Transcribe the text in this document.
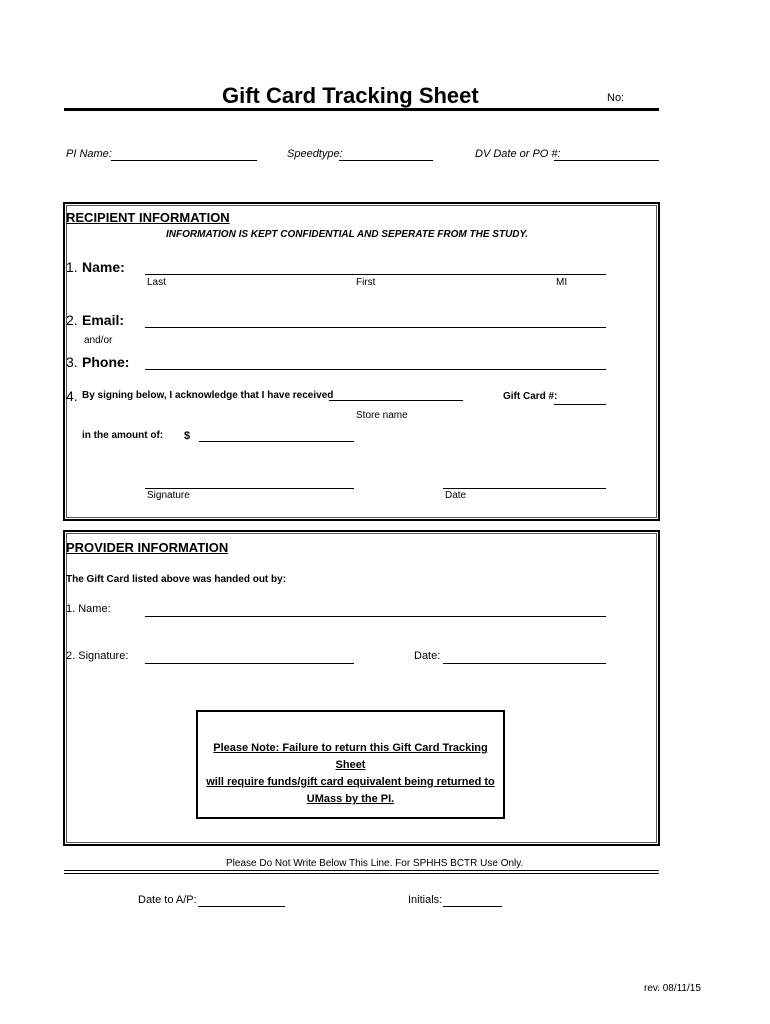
Gift Card Tracking Sheet	No:
PI Name:	Speedtype:	DV Date or PO #:
RECIPIENT INFORMATION
INFORMATION IS KEPT CONFIDENTIAL AND SEPERATE FROM THE STUDY.
1. Name:
Last	First	MI
2. Email:
and/or
3. Phone:
4. By signing below, I acknowledge that I have received	Gift Card #:
Store name
in the amount of: $
Signature	Date
PROVIDER INFORMATION
The Gift Card listed above was handed out by:
1. Name:
2. Signature:	Date:
Please Note: Failure to return this Gift Card Tracking Sheet
will require funds/gift card equivalent being returned to
UMass by the PI.
Please Do Not Write Below This Line. For SPHHS BCTR Use Only.
Date to A/P:	Initials:
rev. 08/11/15
